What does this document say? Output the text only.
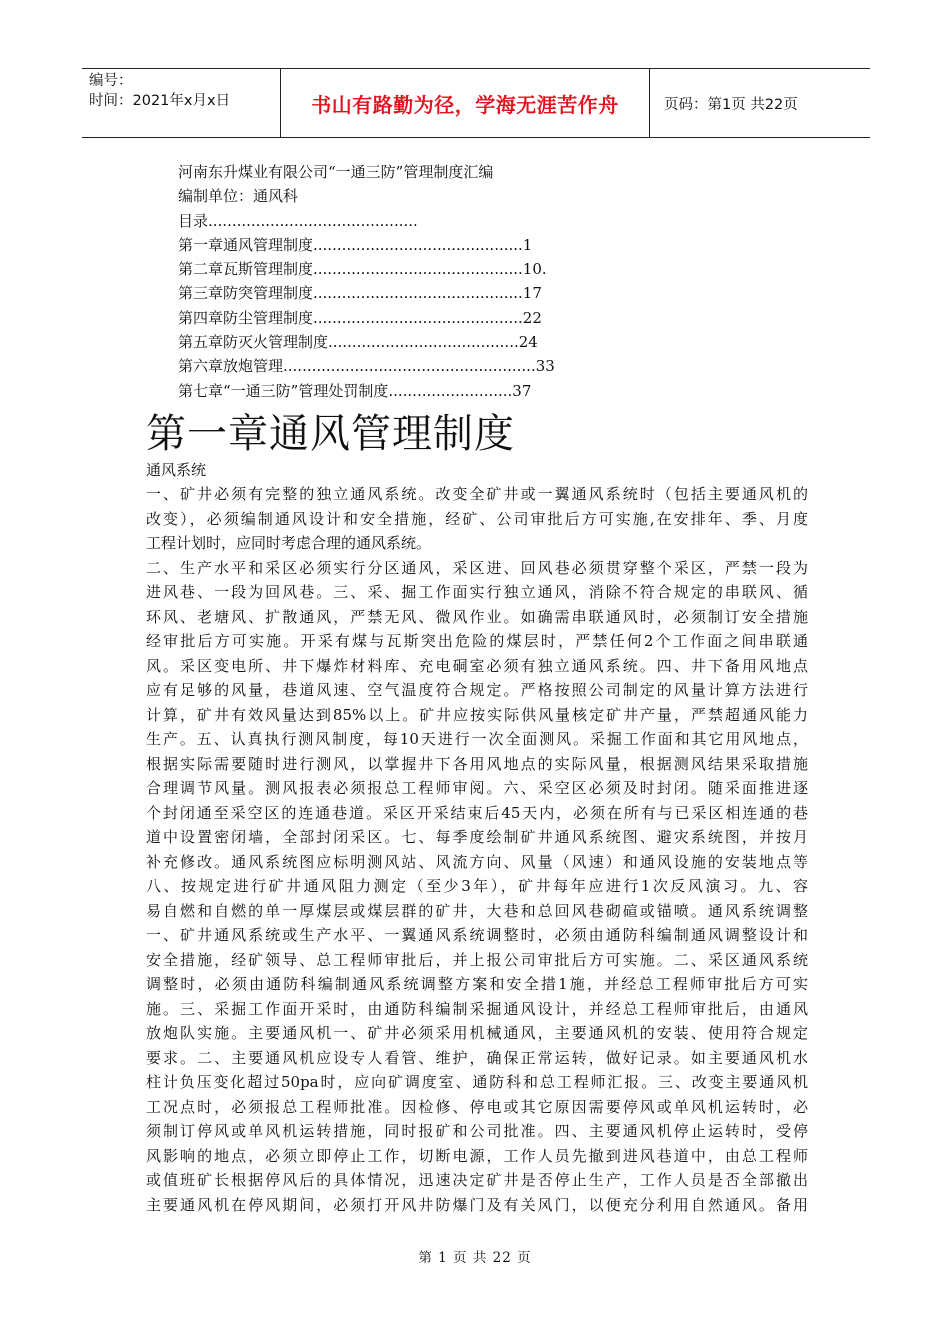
编号：
时间：2021年x月x日	书山有路勤为径，学海无涯苦作舟	页码：第1页 共22页
河南东升煤业有限公司“一通三防”管理制度汇编
编制单位：通风科
目录............................................
第一章通风管理制度............................................1
第二章瓦斯管理制度............................................10.
第三章防突管理制度............................................17
第四章防尘管理制度............................................22
第五章防灭火管理制度........................................24
第六章放炮管理.....................................................33
第七章“一通三防”管理处罚制度..........................37
第一章通风管理制度
通风系统
一、矿井必须有完整的独立通风系统。改变全矿井或一翼通风系统时（包括主要通风机的
改变），必须编制通风设计和安全措施，经矿、公司审批后方可实施,在安排年、季、月度
工程计划时，应同时考虑合理的通风系统。
二、生产水平和采区必须实行分区通风，采区进、回风巷必须贯穿整个采区，严禁一段为
进风巷、一段为回风巷。三、采、掘工作面实行独立通风，消除不符合规定的串联风、循
环风、老塘风、扩散通风，严禁无风、微风作业。如确需串联通风时，必须制订安全措施
经审批后方可实施。开采有煤与瓦斯突出危险的煤层时，严禁任何2个工作面之间串联通
风。采区变电所、井下爆炸材料库、充电硐室必须有独立通风系统。四、井下备用风地点
应有足够的风量，巷道风速、空气温度符合规定。严格按照公司制定的风量计算方法进行
计算，矿井有效风量达到85%以上。矿井应按实际供风量核定矿井产量，严禁超通风能力
生产。五、认真执行测风制度，每10天进行一次全面测风。采掘工作面和其它用风地点，
根据实际需要随时进行测风，以掌握井下各用风地点的实际风量，根据测风结果采取措施
合理调节风量。测风报表必须报总工程师审阅。六、采空区必须及时封闭。随采面推进逐
个封闭通至采空区的连通巷道。采区开采结束后45天内，必须在所有与已采区相连通的巷
道中设置密闭墙，全部封闭采区。七、每季度绘制矿井通风系统图、避灾系统图，并按月
补充修改。通风系统图应标明测风站、风流方向、风量（风速）和通风设施的安装地点等
八、按规定进行矿井通风阻力测定（至少3年），矿井每年应进行1次反风演习。九、容
易自燃和自燃的单一厚煤层或煤层群的矿井，大巷和总回风巷砌碹或锚喷。通风系统调整
一、矿井通风系统或生产水平、一翼通风系统调整时，必须由通防科编制通风调整设计和
安全措施，经矿领导、总工程师审批后，并上报公司审批后方可实施。二、采区通风系统
调整时，必须由通防科编制通风系统调整方案和安全措1施，并经总工程师审批后方可实
施。三、采掘工作面开采时，由通防科编制采掘通风设计，并经总工程师审批后，由通风
放炮队实施。主要通风机一、矿井必须采用机械通风，主要通风机的安装、使用符合规定
要求。二、主要通风机应设专人看管、维护，确保正常运转，做好记录。如主要通风机水
柱计负压变化超过50pa时，应向矿调度室、通防科和总工程师汇报。三、改变主要通风机
工况点时，必须报总工程师批准。因检修、停电或其它原因需要停风或单风机运转时，必
须制订停风或单风机运转措施，同时报矿和公司批准。四、主要通风机停止运转时，受停
风影响的地点，必须立即停止工作，切断电源，工作人员先撤到进风巷道中，由总工程师
或值班矿长根据停风后的具体情况，迅速决定矿井是否停止生产，工作人员是否全部撤出
主要通风机在停风期间，必须打开风井防爆门及有关风门，以便充分利用自然通风。备用
第 1 页 共 22 页
